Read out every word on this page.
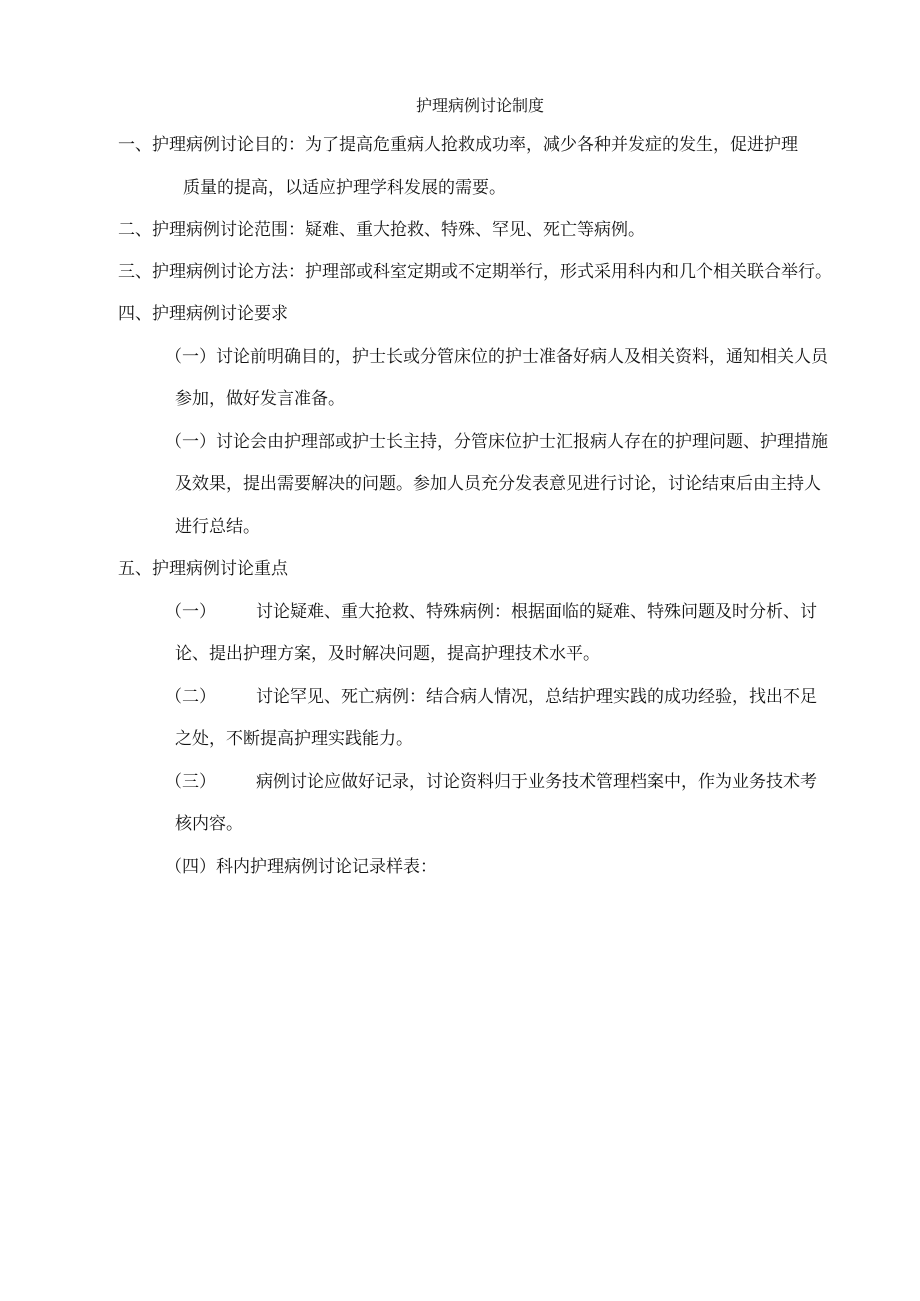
护理病例讨论制度
一、护理病例讨论目的：为了提高危重病人抢救成功率，减少各种并发症的发生，促进护理
质量的提高，以适应护理学科发展的需要。
二、护理病例讨论范围：疑难、重大抢救、特殊、罕见、死亡等病例。
三、护理病例讨论方法：护理部或科室定期或不定期举行，形式采用科内和几个相关联合举行。
四、护理病例讨论要求
（一）讨论前明确目的，护士长或分管床位的护士准备好病人及相关资料，通知相关人员
参加，做好发言准备。
（一）讨论会由护理部或护士长主持，分管床位护士汇报病人存在的护理问题、护理措施
及效果，提出需要解决的问题。参加人员充分发表意见进行讨论，讨论结束后由主持人
进行总结。
五、护理病例讨论重点
（一） 讨论疑难、重大抢救、特殊病例：根据面临的疑难、特殊问题及时分析、讨
论、提出护理方案，及时解决问题，提高护理技术水平。
（二） 讨论罕见、死亡病例：结合病人情况，总结护理实践的成功经验，找出不足
之处，不断提高护理实践能力。
（三） 病例讨论应做好记录，讨论资料归于业务技术管理档案中，作为业务技术考
核内容。
（四）科内护理病例讨论记录样表：
